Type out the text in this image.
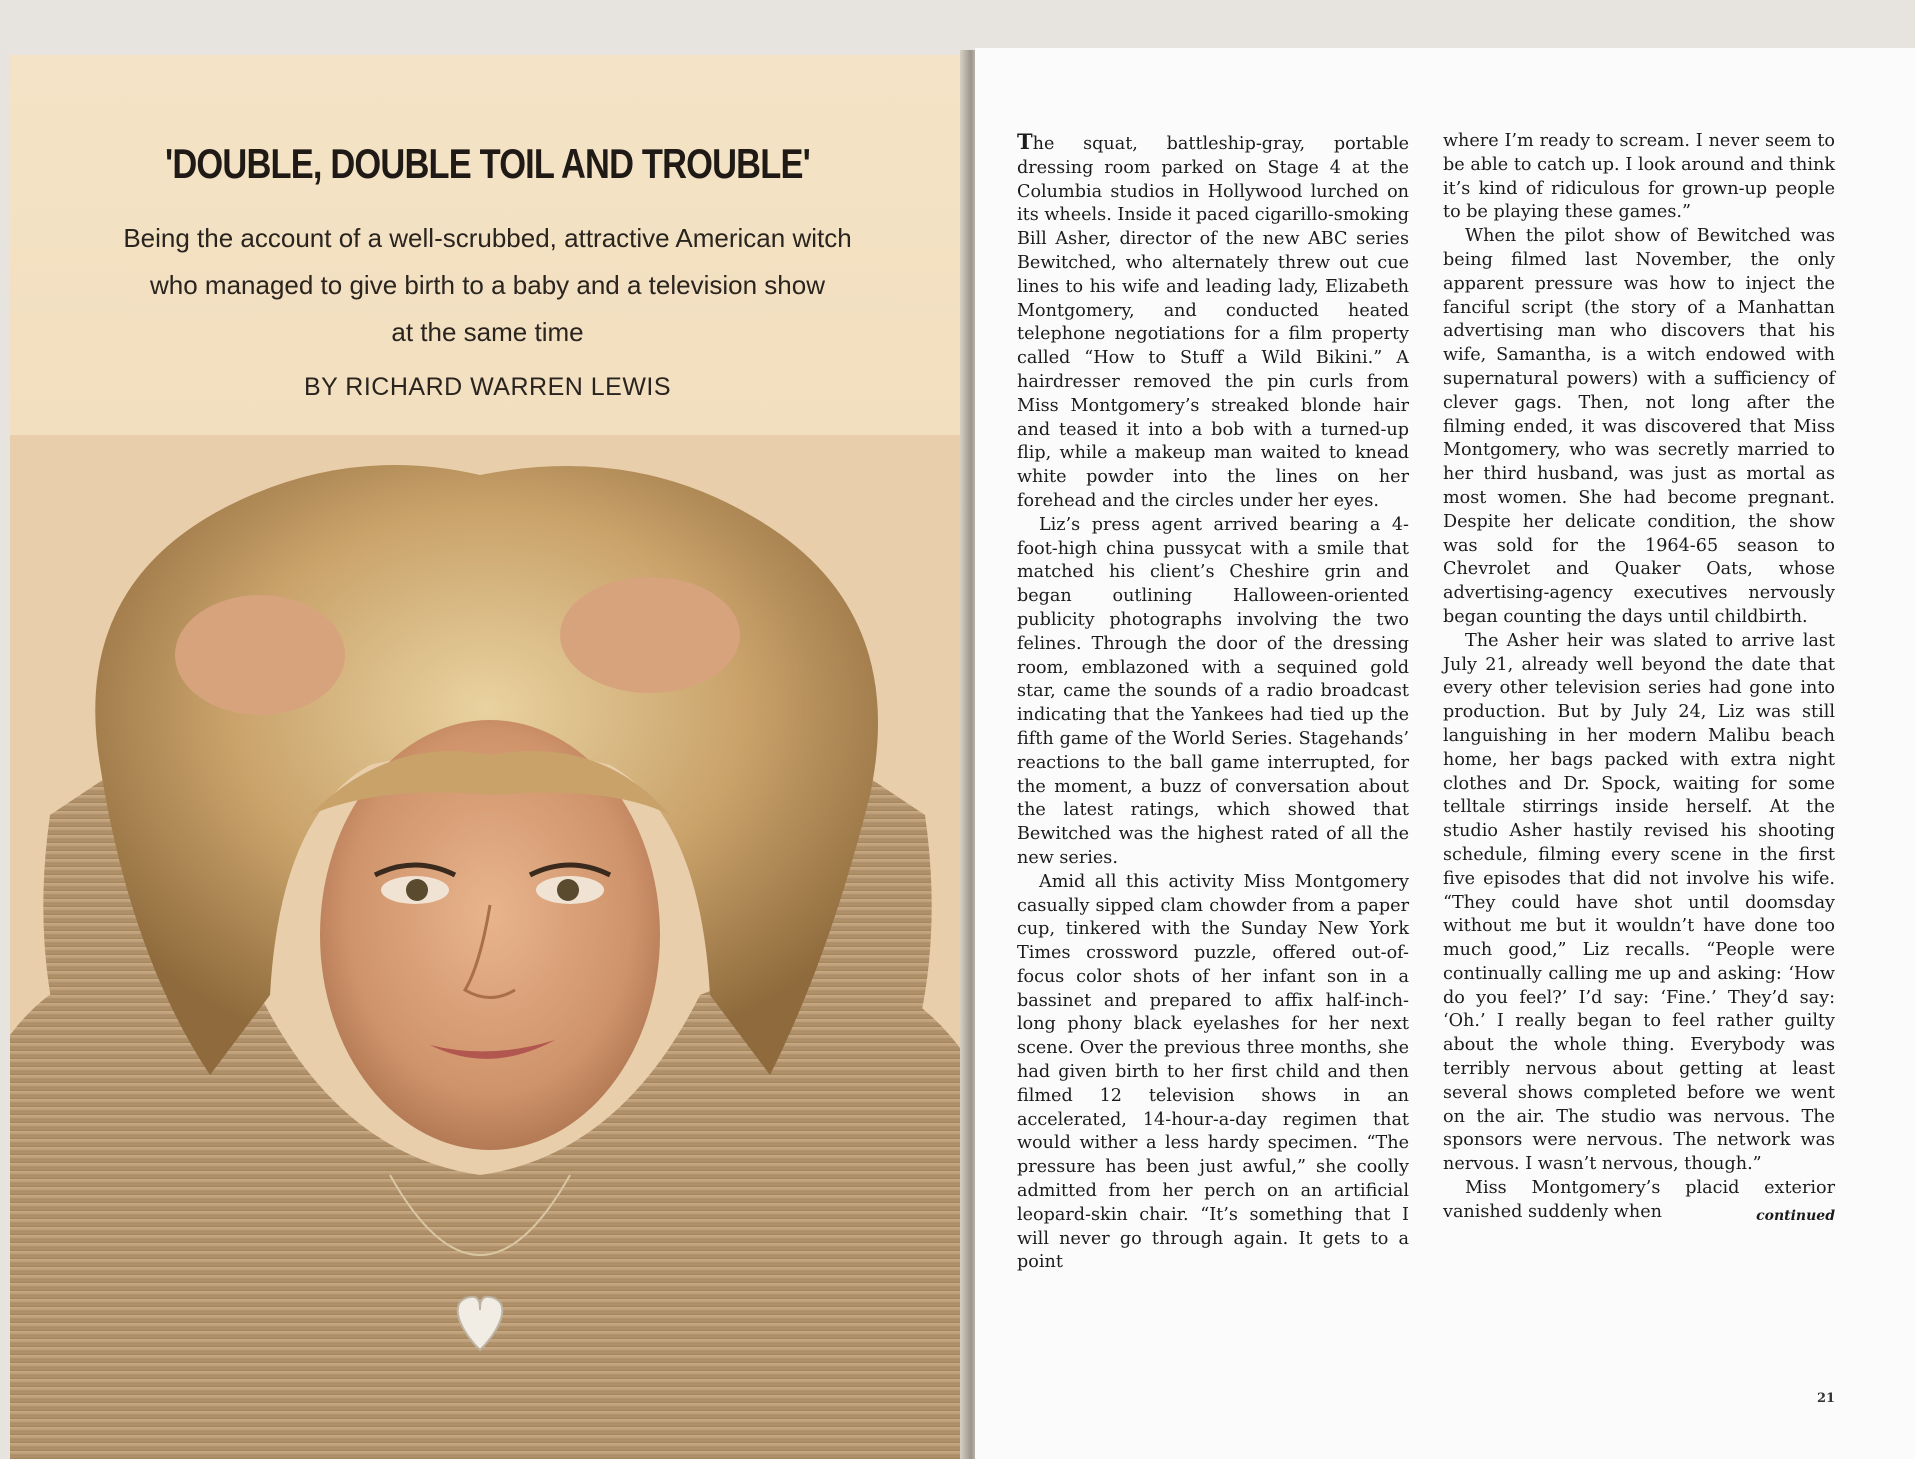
'DOUBLE, DOUBLE TOIL AND TROUBLE'
Being the account of a well-scrubbed, attractive American witch
who managed to give birth to a baby and a television show
at the same time
BY RICHARD WARREN LEWIS

The squat, battleship-gray, portable dressing room parked on Stage 4 at the Columbia studios in Hollywood lurched on its wheels. Inside it paced cigarillo-smoking Bill Asher, director of the new ABC series Bewitched, who alternately threw out cue lines to his wife and leading lady, Elizabeth Montgomery, and conducted heated telephone negotiations for a film property called “How to Stuff a Wild Bikini.” A hairdresser removed the pin curls from Miss Montgomery’s streaked blonde hair and teased it into a bob with a turned-up flip, while a makeup man waited to knead white powder into the lines on her forehead and the circles under her eyes.

Liz’s press agent arrived bearing a 4-foot-high china pussycat with a smile that matched his client’s Cheshire grin and began outlining Halloween-oriented publicity photographs involving the two felines. Through the door of the dressing room, emblazoned with a sequined gold star, came the sounds of a radio broadcast indicating that the Yankees had tied up the fifth game of the World Series. Stagehands’ reactions to the ball game interrupted, for the moment, a buzz of conversation about the latest ratings, which showed that Bewitched was the highest rated of all the new series.

Amid all this activity Miss Montgomery casually sipped clam chowder from a paper cup, tinkered with the Sunday New York Times crossword puzzle, offered out-of-focus color shots of her infant son in a bassinet and prepared to affix half-inch-long phony black eyelashes for her next scene. Over the previous three months, she had given birth to her first child and then filmed 12 television shows in an accelerated, 14-hour-a-day regimen that would wither a less hardy specimen. “The pressure has been just awful,” she coolly admitted from her perch on an artificial leopard-skin chair. “It’s something that I will never go through again. It gets to a point

where I’m ready to scream. I never seem to be able to catch up. I look around and think it’s kind of ridiculous for grown-up people to be playing these games.”

When the pilot show of Bewitched was being filmed last November, the only apparent pressure was how to inject the fanciful script (the story of a Manhattan advertising man who discovers that his wife, Samantha, is a witch endowed with supernatural powers) with a sufficiency of clever gags. Then, not long after the filming ended, it was discovered that Miss Montgomery, who was secretly married to her third husband, was just as mortal as most women. She had become pregnant. Despite her delicate condition, the show was sold for the 1964-65 season to Chevrolet and Quaker Oats, whose advertising-agency executives nervously began counting the days until childbirth.

The Asher heir was slated to arrive last July 21, already well beyond the date that every other television series had gone into production. But by July 24, Liz was still languishing in her modern Malibu beach home, her bags packed with extra night clothes and Dr. Spock, waiting for some telltale stirrings inside herself. At the studio Asher hastily revised his shooting schedule, filming every scene in the first five episodes that did not involve his wife. “They could have shot until doomsday without me but it wouldn’t have done too much good,” Liz recalls. “People were continually calling me up and asking: ‘How do you feel?’ I’d say: ‘Fine.’ They’d say: ‘Oh.’ I really began to feel rather guilty about the whole thing. Everybody was terribly nervous about getting at least several shows completed before we went on the air. The studio was nervous. The sponsors were nervous. The network was nervous. I wasn’t nervous, though.”

Miss Montgomery’s placid exterior vanished suddenly when	continued

21
